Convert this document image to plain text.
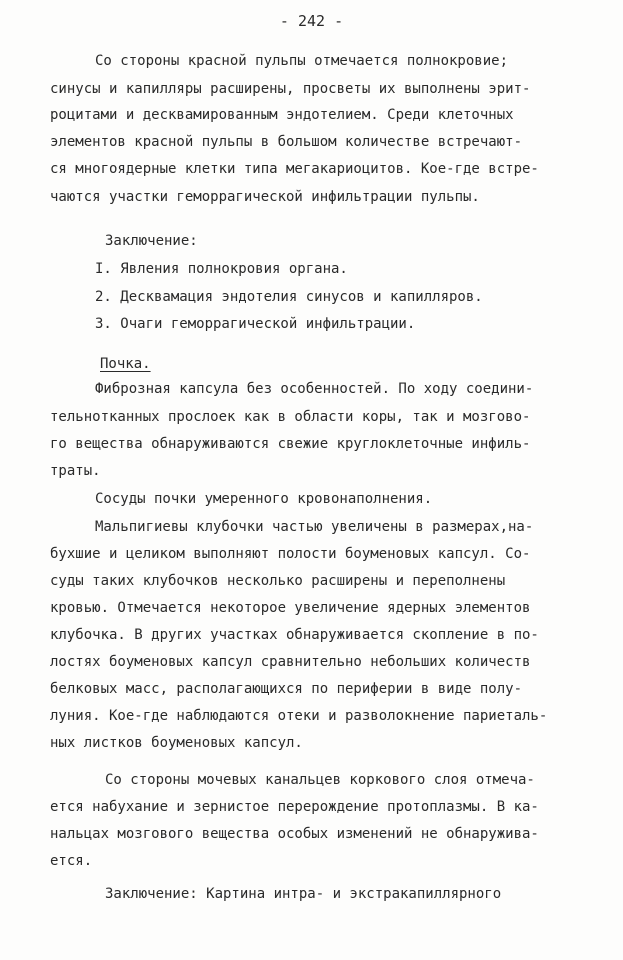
- 242 -
Со стороны красной пульпы отмечается полнокровие;
синусы и капилляры расширены, просветы их выполнены эрит-
роцитами и десквамированным эндотелием. Среди клеточных
элементов красной пульпы в большом количестве встречают-
ся многоядерные клетки типа мегакариоцитов. Кое-где встре-
чаются участки геморрагической инфильтрации пульпы.
Заключение:
I. Явления полнокровия органа.
2. Десквамация эндотелия синусов и капилляров.
3. Очаги геморрагической инфильтрации.
Почка.
Фиброзная капсула без особенностей. По ходу соедини-
тельнотканных прослоек как в области коры, так и мозгово-
го вещества обнаруживаются свежие круглоклеточные инфиль-
траты.
Сосуды почки умеренного кровонаполнения.
Мальпигиевы клубочки частью увеличены в размерах,на-
бухшие и целиком выполняют полости боуменовых капсул. Со-
суды таких клубочков несколько расширены и переполнены
кровью. Отмечается некоторое увеличение ядерных элементов
клубочка. В других участках обнаруживается скопление в по-
лостях боуменовых капсул сравнительно небольших количеств
белковых масс, располагающихся по периферии в виде полу-
луния. Кое-где наблюдаются отеки и разволокнение париеталь-
ных листков боуменовых капсул.
Со стороны мочевых канальцев коркового слоя отмеча-
ется набухание и зернистое перерождение протоплазмы. В ка-
нальцах мозгового вещества особых изменений не обнаружива-
ется.
Заключение: Картина интра- и экстракапиллярного
